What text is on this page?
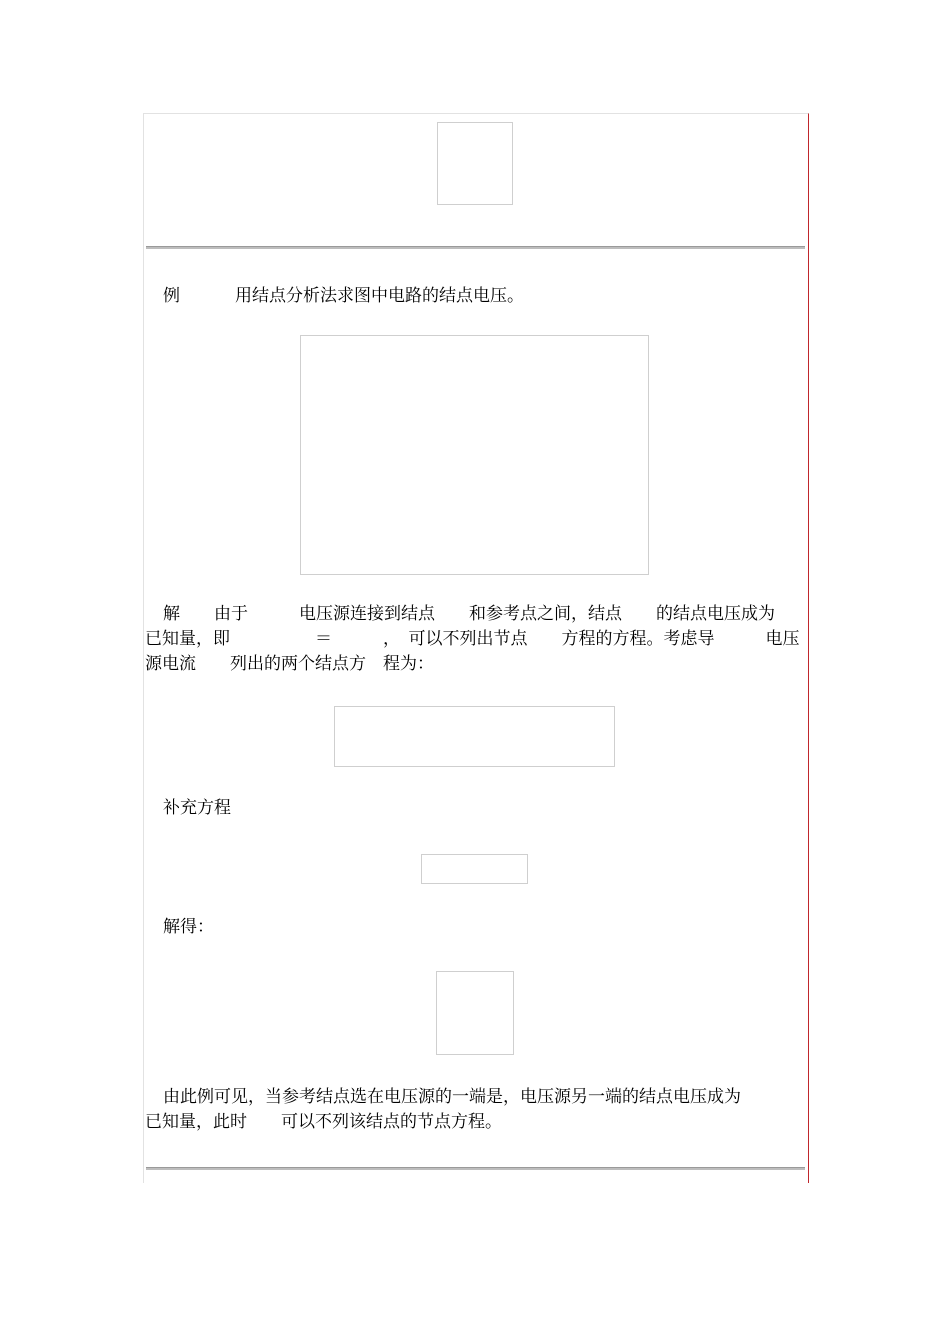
例	用结点分析法求图中电路的结点电压。
解　　由于　　　电压源连接到结点　　和参考点之间，结点　　的结点电压成为
已知量，即　　　　　＝　　　，　可以不列出节点　　方程的方程。考虑导　　　电压
源电流　　列出的两个结点方　程为：
补充方程
解得：
由此例可见，当参考结点选在电压源的一端是，电压源另一端的结点电压成为
已知量，此时　　可以不列该结点的节点方程。
